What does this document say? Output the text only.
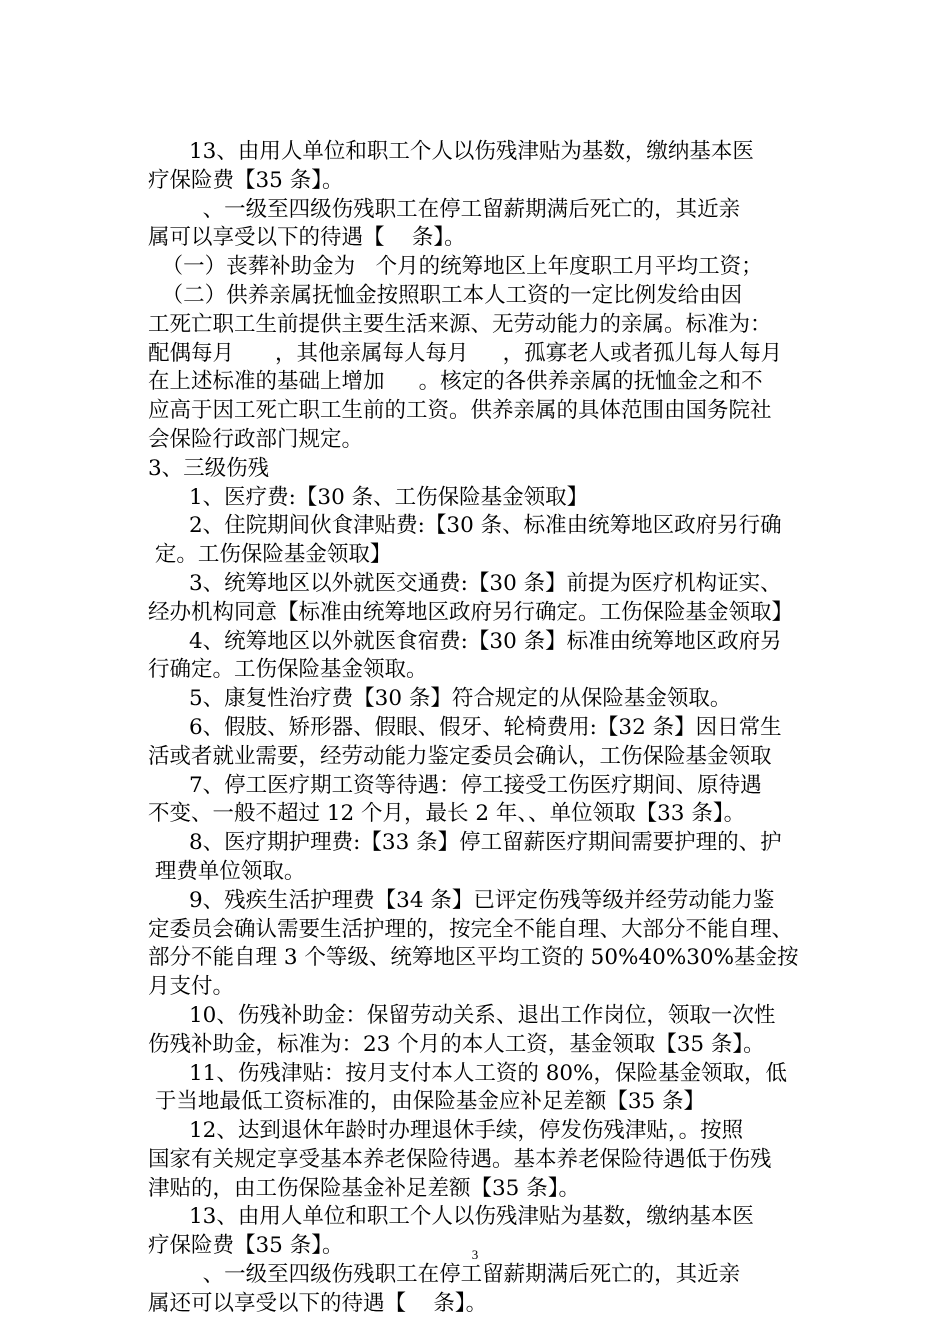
13、由用人单位和职工个人以伤残津贴为基数，缴纳基本医
疗保险费【35 条】。
、一级至四级伤残职工在停工留薪期满后死亡的，其近亲
属可以享受以下的待遇【    条】。
（一）丧葬补助金为   个月的统筹地区上年度职工月平均工资；
（二）供养亲属抚恤金按照职工本人工资的一定比例发给由因
工死亡职工生前提供主要生活来源、无劳动能力的亲属。标准为：
配偶每月      ，其他亲属每人每月     ，孤寡老人或者孤儿每人每月
在上述标准的基础上增加     。核定的各供养亲属的抚恤金之和不
应高于因工死亡职工生前的工资。供养亲属的具体范围由国务院社
会保险行政部门规定。
3、三级伤残
1、医疗费:【30 条、工伤保险基金领取】
2、住院期间伙食津贴费:【30 条、标准由统筹地区政府另行确
定。工伤保险基金领取】
3、统筹地区以外就医交通费:【30 条】前提为医疗机构证实、
经办机构同意【标准由统筹地区政府另行确定。工伤保险基金领取】
4、统筹地区以外就医食宿费:【30 条】标准由统筹地区政府另
行确定。工伤保险基金领取。
5、康复性治疗费【30 条】符合规定的从保险基金领取。
6、假肢、矫形器、假眼、假牙、轮椅费用:【32 条】因日常生
活或者就业需要，经劳动能力鉴定委员会确认，工伤保险基金领取
7、停工医疗期工资等待遇：停工接受工伤医疗期间、原待遇
不变、一般不超过 12 个月，最长 2 年、、单位领取【33 条】。
8、医疗期护理费:【33 条】停工留薪医疗期间需要护理的、护
理费单位领取。
9、残疾生活护理费【34 条】已评定伤残等级并经劳动能力鉴
定委员会确认需要生活护理的，按完全不能自理、大部分不能自理、
部分不能自理 3 个等级、统筹地区平均工资的 50%40%30%基金按
月支付。
10、伤残补助金：保留劳动关系、退出工作岗位，领取一次性
伤残补助金，标准为：23 个月的本人工资，基金领取【35 条】。
11、伤残津贴：按月支付本人工资的 80%，保险基金领取，低
于当地最低工资标准的，由保险基金应补足差额【35 条】
12、达到退休年龄时办理退休手续，停发伤残津贴，。按照
国家有关规定享受基本养老保险待遇。基本养老保险待遇低于伤残
津贴的，由工伤保险基金补足差额【35 条】。
13、由用人单位和职工个人以伤残津贴为基数，缴纳基本医
疗保险费【35 条】。
、一级至四级伤残职工在停工留薪期满后死亡的，其近亲
属还可以享受以下的待遇【    条】。
3
